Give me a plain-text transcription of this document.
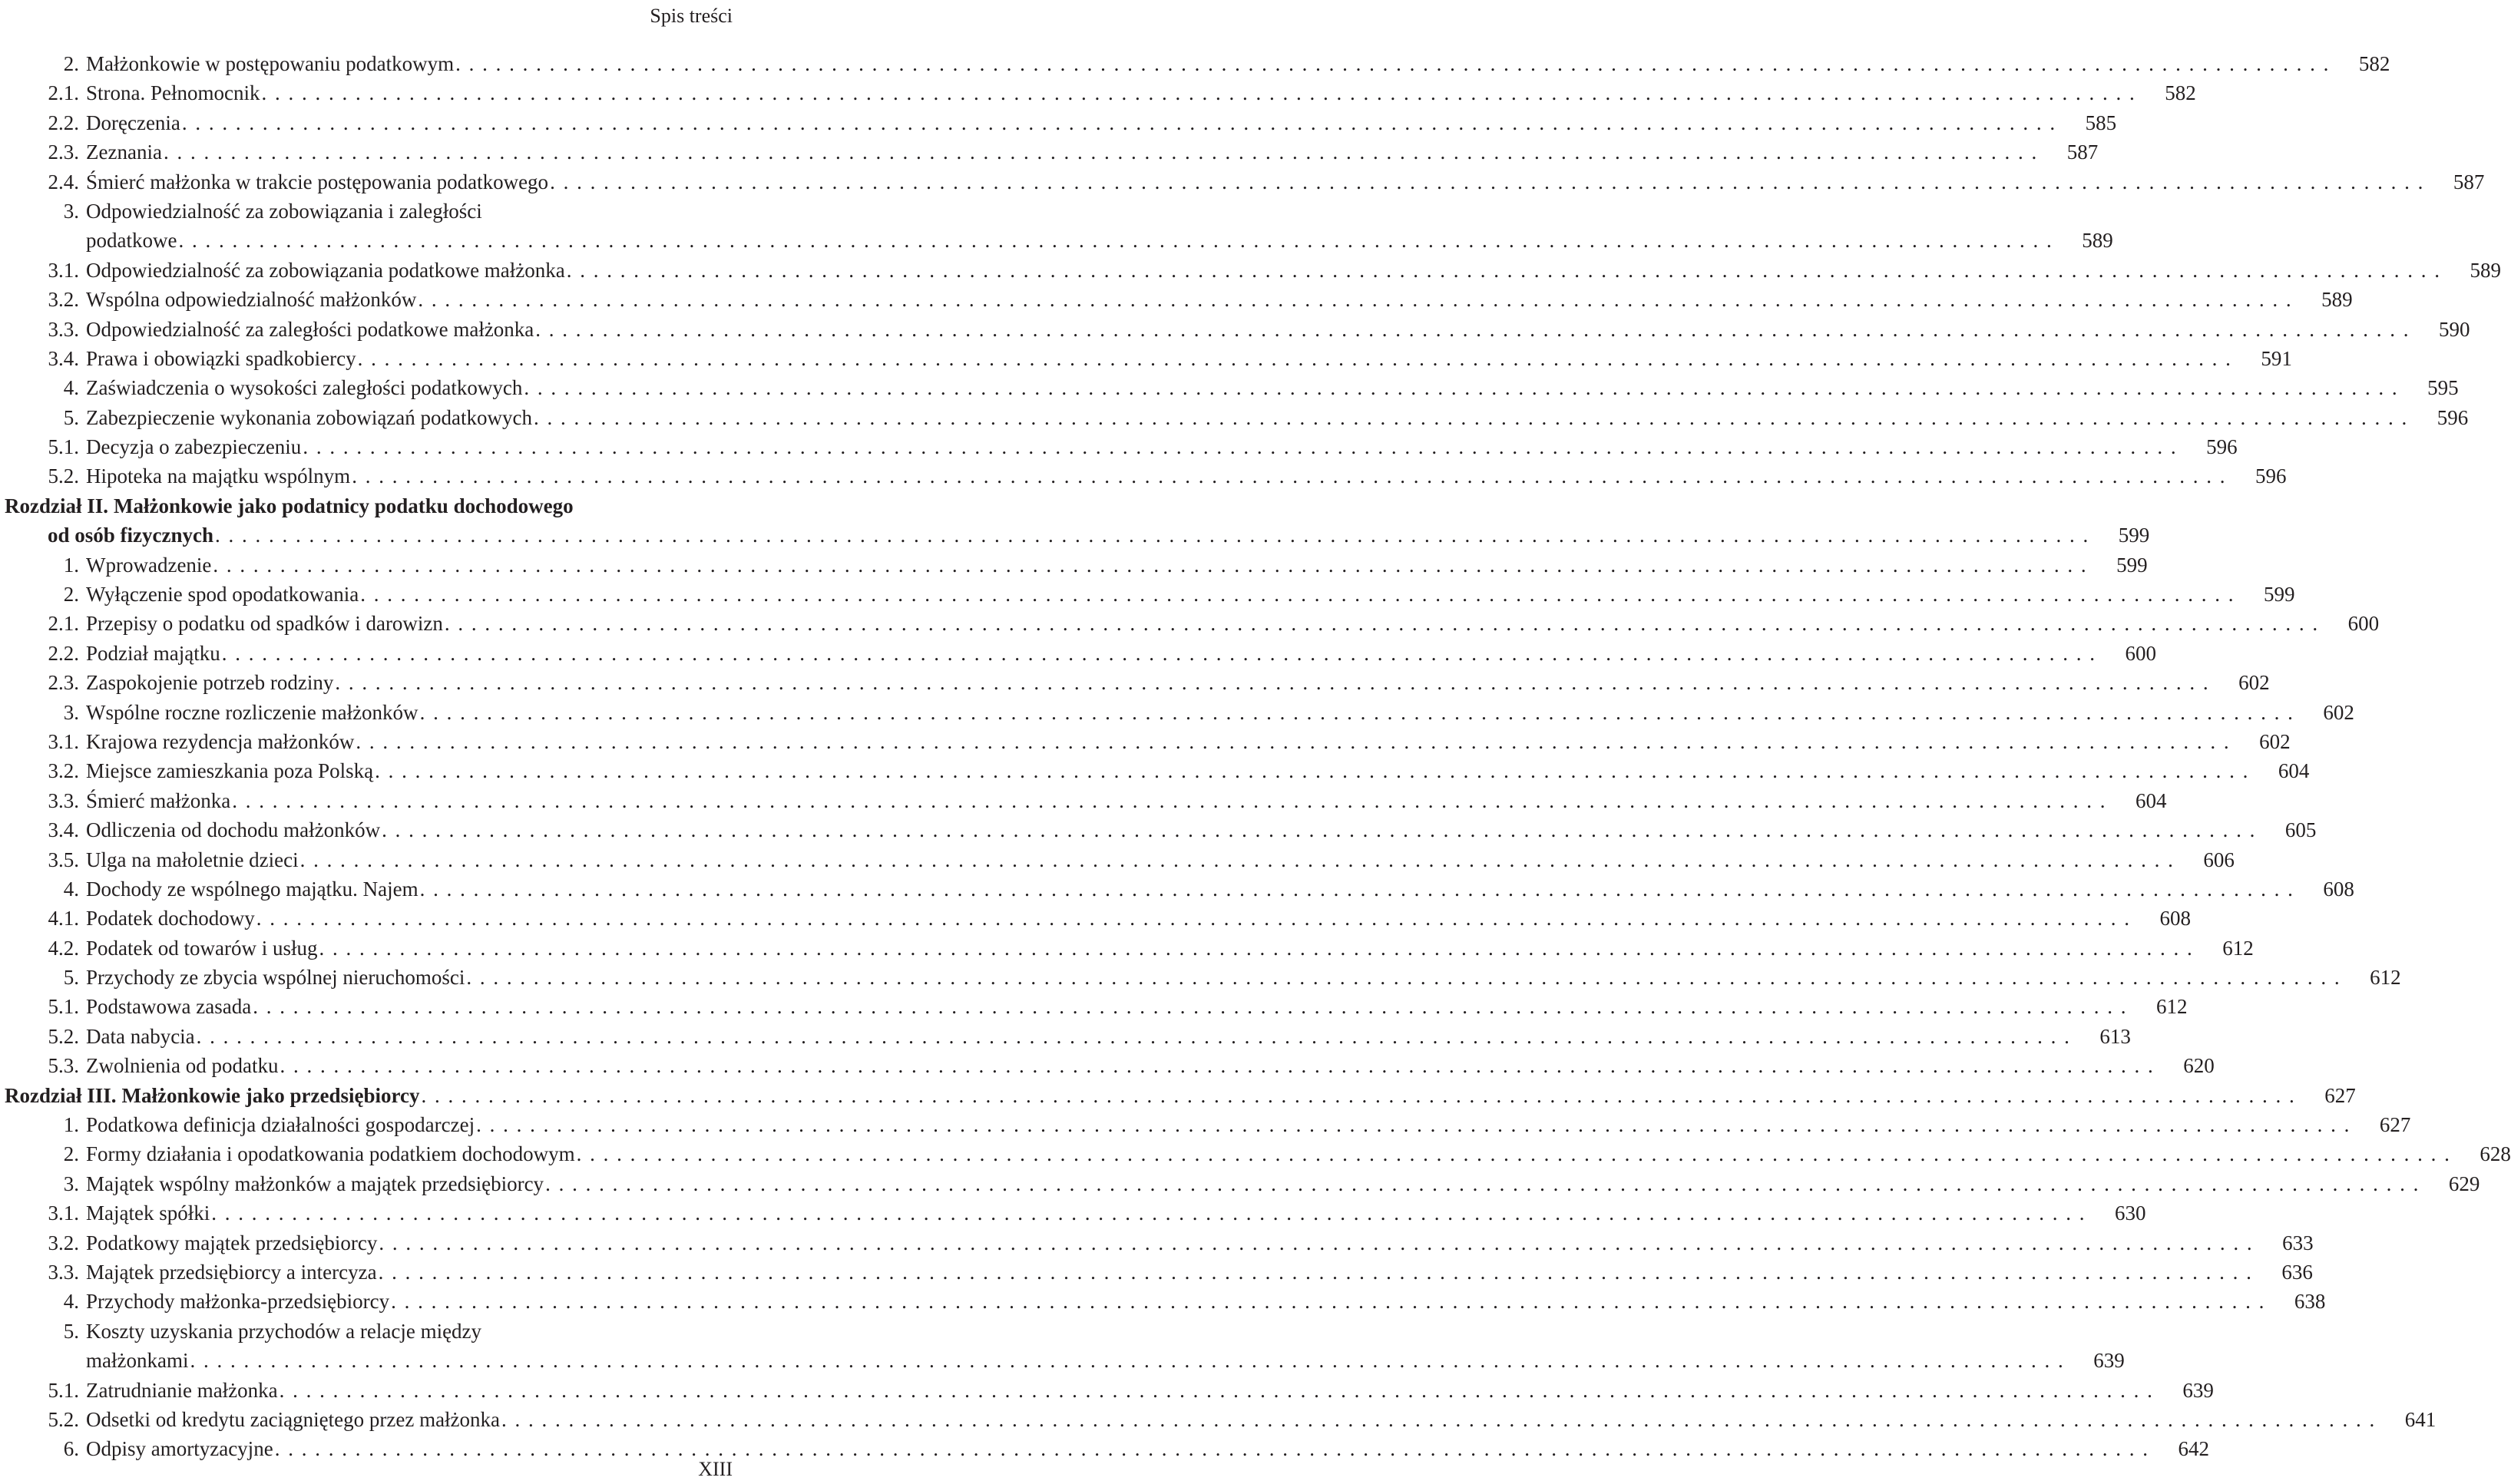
Spis treści
2. Małżonkowie w postępowaniu podatkowym . . . . . . . . . . . . . . . . . . . . . . . . . . . . . . . . . . . . . . . . . . . . . . . . . . . . . . . . . . . . . . . . . . . . . . . . . . . . . . . . . . . . . . . . . . . . . . . . . . . . . . . . . . . . . . . . . . . . . . . . . . . . . . . . . . . . . . . . . . . .	582
2.1. Strona. Pełnomocnik . . . . . . . . . . . . . . . . . . . . . . . . . . . . . . . . . . . . . . . . . . . . . . . . . . . . . . . . . . . . . . . . . . . . . . . . . . . . . . . . . . . . . . . . . . . . . . . . . . . . . . . . . . . . . . . . . . . . . . . . . . . . . . . . . . . . . . . . . . . .	582
2.2. Doręczenia . . . . . . . . . . . . . . . . . . . . . . . . . . . . . . . . . . . . . . . . . . . . . . . . . . . . . . . . . . . . . . . . . . . . . . . . . . . . . . . . . . . . . . . . . . . . . . . . . . . . . . . . . . . . . . . . . . . . . . . . . . . . . . . . . . . . . . . . . . . .	585
2.3. Zeznania . . . . . . . . . . . . . . . . . . . . . . . . . . . . . . . . . . . . . . . . . . . . . . . . . . . . . . . . . . . . . . . . . . . . . . . . . . . . . . . . . . . . . . . . . . . . . . . . . . . . . . . . . . . . . . . . . . . . . . . . . . . . . . . . . . . . . . . . . . . .	587
2.4. Śmierć małżonka w trakcie postępowania podatkowego . . . . . . . . . . . . . . . . . . . . . . . . . . . . . . . . . . . . . . . . . . . . . . . . . . . . . . . . . . . . . . . . . . . . . . . . . . . . . . . . . . . . . . . . . . . . . . . . . . . . . . . . . . . . . . . . . . . . . . . . . . . . . . . . . . . . . . . . . . . .	587
3. Odpowiedzialność za zobowiązania i zaległości
podatkowe . . . . . . . . . . . . . . . . . . . . . . . . . . . . . . . . . . . . . . . . . . . . . . . . . . . . . . . . . . . . . . . . . . . . . . . . . . . . . . . . . . . . . . . . . . . . . . . . . . . . . . . . . . . . . . . . . . . . . . . . . . . . . . . . . . . . . . . . . . . .	589
3.1. Odpowiedzialność za zobowiązania podatkowe małżonka . . . . . . . . . . . . . . . . . . . . . . . . . . . . . . . . . . . . . . . . . . . . . . . . . . . . . . . . . . . . . . . . . . . . . . . . . . . . . . . . . . . . . . . . . . . . . . . . . . . . . . . . . . . . . . . . . . . . . . . . . . . . . . . . . . . . . . . . . . . .	589
3.2. Wspólna odpowiedzialność małżonków . . . . . . . . . . . . . . . . . . . . . . . . . . . . . . . . . . . . . . . . . . . . . . . . . . . . . . . . . . . . . . . . . . . . . . . . . . . . . . . . . . . . . . . . . . . . . . . . . . . . . . . . . . . . . . . . . . . . . . . . . . . . . . . . . . . . . . . . . . . .	589
3.3. Odpowiedzialność za zaległości podatkowe małżonka . . . . . . . . . . . . . . . . . . . . . . . . . . . . . . . . . . . . . . . . . . . . . . . . . . . . . . . . . . . . . . . . . . . . . . . . . . . . . . . . . . . . . . . . . . . . . . . . . . . . . . . . . . . . . . . . . . . . . . . . . . . . . . . . . . . . . . . . . . . .	590
3.4. Prawa i obowiązki spadkobiercy . . . . . . . . . . . . . . . . . . . . . . . . . . . . . . . . . . . . . . . . . . . . . . . . . . . . . . . . . . . . . . . . . . . . . . . . . . . . . . . . . . . . . . . . . . . . . . . . . . . . . . . . . . . . . . . . . . . . . . . . . . . . . . . . . . . . . . . . . . . .	591
4. Zaświadczenia o wysokości zaległości podatkowych . . . . . . . . . . . . . . . . . . . . . . . . . . . . . . . . . . . . . . . . . . . . . . . . . . . . . . . . . . . . . . . . . . . . . . . . . . . . . . . . . . . . . . . . . . . . . . . . . . . . . . . . . . . . . . . . . . . . . . . . . . . . . . . . . . . . . . . . . . . .	595
5. Zabezpieczenie wykonania zobowiązań podatkowych . . . . . . . . . . . . . . . . . . . . . . . . . . . . . . . . . . . . . . . . . . . . . . . . . . . . . . . . . . . . . . . . . . . . . . . . . . . . . . . . . . . . . . . . . . . . . . . . . . . . . . . . . . . . . . . . . . . . . . . . . . . . . . . . . . . . . . . . . . . .	596
5.1. Decyzja o zabezpieczeniu . . . . . . . . . . . . . . . . . . . . . . . . . . . . . . . . . . . . . . . . . . . . . . . . . . . . . . . . . . . . . . . . . . . . . . . . . . . . . . . . . . . . . . . . . . . . . . . . . . . . . . . . . . . . . . . . . . . . . . . . . . . . . . . . . . . . . . . . . . . .	596
5.2. Hipoteka na majątku wspólnym . . . . . . . . . . . . . . . . . . . . . . . . . . . . . . . . . . . . . . . . . . . . . . . . . . . . . . . . . . . . . . . . . . . . . . . . . . . . . . . . . . . . . . . . . . . . . . . . . . . . . . . . . . . . . . . . . . . . . . . . . . . . . . . . . . . . . . . . . . . .	596
Rozdział II. Małżonkowie jako podatnicy podatku dochodowego
od osób fizycznych . . . . . . . . . . . . . . . . . . . . . . . . . . . . . . . . . . . . . . . . . . . . . . . . . . . . . . . . . . . . . . . . . . . . . . . . . . . . . . . . . . . . . . . . . . . . . . . . . . . . . . . . . . . . . . . . . . . . . . . . . . . . . . . . . . . . . . . . . . . .	599
1. Wprowadzenie . . . . . . . . . . . . . . . . . . . . . . . . . . . . . . . . . . . . . . . . . . . . . . . . . . . . . . . . . . . . . . . . . . . . . . . . . . . . . . . . . . . . . . . . . . . . . . . . . . . . . . . . . . . . . . . . . . . . . . . . . . . . . . . . . . . . . . . . . . . .	599
2. Wyłączenie spod opodatkowania . . . . . . . . . . . . . . . . . . . . . . . . . . . . . . . . . . . . . . . . . . . . . . . . . . . . . . . . . . . . . . . . . . . . . . . . . . . . . . . . . . . . . . . . . . . . . . . . . . . . . . . . . . . . . . . . . . . . . . . . . . . . . . . . . . . . . . . . . . . .	599
2.1. Przepisy o podatku od spadków i darowizn . . . . . . . . . . . . . . . . . . . . . . . . . . . . . . . . . . . . . . . . . . . . . . . . . . . . . . . . . . . . . . . . . . . . . . . . . . . . . . . . . . . . . . . . . . . . . . . . . . . . . . . . . . . . . . . . . . . . . . . . . . . . . . . . . . . . . . . . . . . .	600
2.2. Podział majątku . . . . . . . . . . . . . . . . . . . . . . . . . . . . . . . . . . . . . . . . . . . . . . . . . . . . . . . . . . . . . . . . . . . . . . . . . . . . . . . . . . . . . . . . . . . . . . . . . . . . . . . . . . . . . . . . . . . . . . . . . . . . . . . . . . . . . . . . . . . .	600
2.3. Zaspokojenie potrzeb rodziny . . . . . . . . . . . . . . . . . . . . . . . . . . . . . . . . . . . . . . . . . . . . . . . . . . . . . . . . . . . . . . . . . . . . . . . . . . . . . . . . . . . . . . . . . . . . . . . . . . . . . . . . . . . . . . . . . . . . . . . . . . . . . . . . . . . . . . . . . . . .	602
3. Wspólne roczne rozliczenie małżonków . . . . . . . . . . . . . . . . . . . . . . . . . . . . . . . . . . . . . . . . . . . . . . . . . . . . . . . . . . . . . . . . . . . . . . . . . . . . . . . . . . . . . . . . . . . . . . . . . . . . . . . . . . . . . . . . . . . . . . . . . . . . . . . . . . . . . . . . . . . .	602
3.1. Krajowa rezydencja małżonków . . . . . . . . . . . . . . . . . . . . . . . . . . . . . . . . . . . . . . . . . . . . . . . . . . . . . . . . . . . . . . . . . . . . . . . . . . . . . . . . . . . . . . . . . . . . . . . . . . . . . . . . . . . . . . . . . . . . . . . . . . . . . . . . . . . . . . . . . . . .	602
3.2. Miejsce zamieszkania poza Polską . . . . . . . . . . . . . . . . . . . . . . . . . . . . . . . . . . . . . . . . . . . . . . . . . . . . . . . . . . . . . . . . . . . . . . . . . . . . . . . . . . . . . . . . . . . . . . . . . . . . . . . . . . . . . . . . . . . . . . . . . . . . . . . . . . . . . . . . . . . .	604
3.3. Śmierć małżonka . . . . . . . . . . . . . . . . . . . . . . . . . . . . . . . . . . . . . . . . . . . . . . . . . . . . . . . . . . . . . . . . . . . . . . . . . . . . . . . . . . . . . . . . . . . . . . . . . . . . . . . . . . . . . . . . . . . . . . . . . . . . . . . . . . . . . . . . . . . .	604
3.4. Odliczenia od dochodu małżonków . . . . . . . . . . . . . . . . . . . . . . . . . . . . . . . . . . . . . . . . . . . . . . . . . . . . . . . . . . . . . . . . . . . . . . . . . . . . . . . . . . . . . . . . . . . . . . . . . . . . . . . . . . . . . . . . . . . . . . . . . . . . . . . . . . . . . . . . . . . .	605
3.5. Ulga na małoletnie dzieci . . . . . . . . . . . . . . . . . . . . . . . . . . . . . . . . . . . . . . . . . . . . . . . . . . . . . . . . . . . . . . . . . . . . . . . . . . . . . . . . . . . . . . . . . . . . . . . . . . . . . . . . . . . . . . . . . . . . . . . . . . . . . . . . . . . . . . . . . . . .	606
4. Dochody ze wspólnego majątku. Najem . . . . . . . . . . . . . . . . . . . . . . . . . . . . . . . . . . . . . . . . . . . . . . . . . . . . . . . . . . . . . . . . . . . . . . . . . . . . . . . . . . . . . . . . . . . . . . . . . . . . . . . . . . . . . . . . . . . . . . . . . . . . . . . . . . . . . . . . . . . .	608
4.1. Podatek dochodowy . . . . . . . . . . . . . . . . . . . . . . . . . . . . . . . . . . . . . . . . . . . . . . . . . . . . . . . . . . . . . . . . . . . . . . . . . . . . . . . . . . . . . . . . . . . . . . . . . . . . . . . . . . . . . . . . . . . . . . . . . . . . . . . . . . . . . . . . . . . .	608
4.2. Podatek od towarów i usług . . . . . . . . . . . . . . . . . . . . . . . . . . . . . . . . . . . . . . . . . . . . . . . . . . . . . . . . . . . . . . . . . . . . . . . . . . . . . . . . . . . . . . . . . . . . . . . . . . . . . . . . . . . . . . . . . . . . . . . . . . . . . . . . . . . . . . . . . . . .	612
5. Przychody ze zbycia wspólnej nieruchomości . . . . . . . . . . . . . . . . . . . . . . . . . . . . . . . . . . . . . . . . . . . . . . . . . . . . . . . . . . . . . . . . . . . . . . . . . . . . . . . . . . . . . . . . . . . . . . . . . . . . . . . . . . . . . . . . . . . . . . . . . . . . . . . . . . . . . . . . . . . .	612
5.1. Podstawowa zasada . . . . . . . . . . . . . . . . . . . . . . . . . . . . . . . . . . . . . . . . . . . . . . . . . . . . . . . . . . . . . . . . . . . . . . . . . . . . . . . . . . . . . . . . . . . . . . . . . . . . . . . . . . . . . . . . . . . . . . . . . . . . . . . . . . . . . . . . . . . .	612
5.2. Data nabycia . . . . . . . . . . . . . . . . . . . . . . . . . . . . . . . . . . . . . . . . . . . . . . . . . . . . . . . . . . . . . . . . . . . . . . . . . . . . . . . . . . . . . . . . . . . . . . . . . . . . . . . . . . . . . . . . . . . . . . . . . . . . . . . . . . . . . . . . . . . .	613
5.3. Zwolnienia od podatku . . . . . . . . . . . . . . . . . . . . . . . . . . . . . . . . . . . . . . . . . . . . . . . . . . . . . . . . . . . . . . . . . . . . . . . . . . . . . . . . . . . . . . . . . . . . . . . . . . . . . . . . . . . . . . . . . . . . . . . . . . . . . . . . . . . . . . . . . . . .	620
Rozdział III. Małżonkowie jako przedsiębiorcy . . . . . . . . . . . . . . . . . . . . . . . . . . . . . . . . . . . . . . . . . . . . . . . . . . . . . . . . . . . . . . . . . . . . . . . . . . . . . . . . . . . . . . . . . . . . . . . . . . . . . . . . . . . . . . . . . . . . . . . . . . . . . . . . . . . . . . . . . . . .	627
1. Podatkowa definicja działalności gospodarczej . . . . . . . . . . . . . . . . . . . . . . . . . . . . . . . . . . . . . . . . . . . . . . . . . . . . . . . . . . . . . . . . . . . . . . . . . . . . . . . . . . . . . . . . . . . . . . . . . . . . . . . . . . . . . . . . . . . . . . . . . . . . . . . . . . . . . . . . . . . .	627
2. Formy działania i opodatkowania podatkiem dochodowym . . . . . . . . . . . . . . . . . . . . . . . . . . . . . . . . . . . . . . . . . . . . . . . . . . . . . . . . . . . . . . . . . . . . . . . . . . . . . . . . . . . . . . . . . . . . . . . . . . . . . . . . . . . . . . . . . . . . . . . . . . . . . . . . . . . . . . . . . . . .	628
3. Majątek wspólny małżonków a majątek przedsiębiorcy . . . . . . . . . . . . . . . . . . . . . . . . . . . . . . . . . . . . . . . . . . . . . . . . . . . . . . . . . . . . . . . . . . . . . . . . . . . . . . . . . . . . . . . . . . . . . . . . . . . . . . . . . . . . . . . . . . . . . . . . . . . . . . . . . . . . . . . . . . . .	629
3.1. Majątek spółki . . . . . . . . . . . . . . . . . . . . . . . . . . . . . . . . . . . . . . . . . . . . . . . . . . . . . . . . . . . . . . . . . . . . . . . . . . . . . . . . . . . . . . . . . . . . . . . . . . . . . . . . . . . . . . . . . . . . . . . . . . . . . . . . . . . . . . . . . . . .	630
3.2. Podatkowy majątek przedsiębiorcy . . . . . . . . . . . . . . . . . . . . . . . . . . . . . . . . . . . . . . . . . . . . . . . . . . . . . . . . . . . . . . . . . . . . . . . . . . . . . . . . . . . . . . . . . . . . . . . . . . . . . . . . . . . . . . . . . . . . . . . . . . . . . . . . . . . . . . . . . . . .	633
3.3. Majątek przedsiębiorcy a intercyza . . . . . . . . . . . . . . . . . . . . . . . . . . . . . . . . . . . . . . . . . . . . . . . . . . . . . . . . . . . . . . . . . . . . . . . . . . . . . . . . . . . . . . . . . . . . . . . . . . . . . . . . . . . . . . . . . . . . . . . . . . . . . . . . . . . . . . . . . . . .	636
4. Przychody małżonka-przedsiębiorcy . . . . . . . . . . . . . . . . . . . . . . . . . . . . . . . . . . . . . . . . . . . . . . . . . . . . . . . . . . . . . . . . . . . . . . . . . . . . . . . . . . . . . . . . . . . . . . . . . . . . . . . . . . . . . . . . . . . . . . . . . . . . . . . . . . . . . . . . . . . .	638
5. Koszty uzyskania przychodów a relacje między
małżonkami . . . . . . . . . . . . . . . . . . . . . . . . . . . . . . . . . . . . . . . . . . . . . . . . . . . . . . . . . . . . . . . . . . . . . . . . . . . . . . . . . . . . . . . . . . . . . . . . . . . . . . . . . . . . . . . . . . . . . . . . . . . . . . . . . . . . . . . . . . . .	639
5.1. Zatrudnianie małżonka . . . . . . . . . . . . . . . . . . . . . . . . . . . . . . . . . . . . . . . . . . . . . . . . . . . . . . . . . . . . . . . . . . . . . . . . . . . . . . . . . . . . . . . . . . . . . . . . . . . . . . . . . . . . . . . . . . . . . . . . . . . . . . . . . . . . . . . . . . . .	639
5.2. Odsetki od kredytu zaciągniętego przez małżonka . . . . . . . . . . . . . . . . . . . . . . . . . . . . . . . . . . . . . . . . . . . . . . . . . . . . . . . . . . . . . . . . . . . . . . . . . . . . . . . . . . . . . . . . . . . . . . . . . . . . . . . . . . . . . . . . . . . . . . . . . . . . . . . . . . . . . . . . . . . .	641
6. Odpisy amortyzacyjne . . . . . . . . . . . . . . . . . . . . . . . . . . . . . . . . . . . . . . . . . . . . . . . . . . . . . . . . . . . . . . . . . . . . . . . . . . . . . . . . . . . . . . . . . . . . . . . . . . . . . . . . . . . . . . . . . . . . . . . . . . . . . . . . . . . . . . . . . . . .	642
XIII
